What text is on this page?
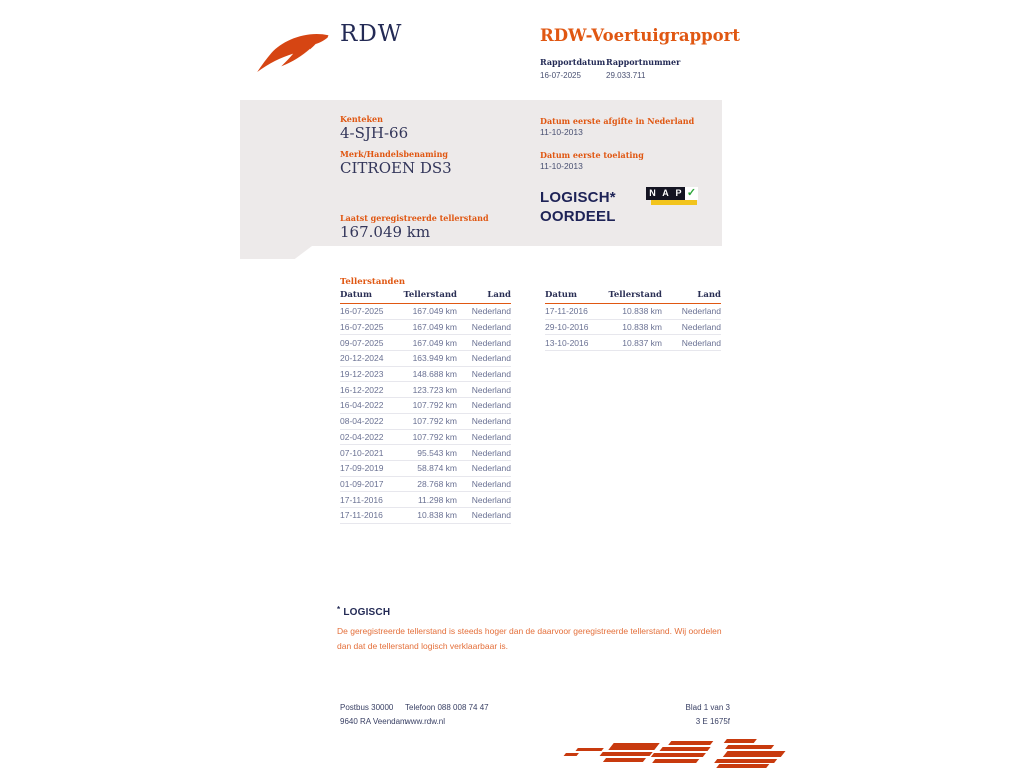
RDW	RDW-Voertuigrapport
Rapportdatum
16-07-2025
Rapportnummer
29.033.711
Kenteken
4-SJH-66
Merk/Handelsbenaming
CITROEN DS3
Laatst geregistreerde tellerstand
167.049 km
Datum eerste afgifte in Nederland
11-10-2013
Datum eerste toelating
11-10-2013
LOGISCH*
OORDEEL
N A P ✓
Tellerstanden
Datum	Tellerstand	Land
16-07-2025	167.049 km	Nederland
16-07-2025	167.049 km	Nederland
09-07-2025	167.049 km	Nederland
20-12-2024	163.949 km	Nederland
19-12-2023	148.688 km	Nederland
16-12-2022	123.723 km	Nederland
16-04-2022	107.792 km	Nederland
08-04-2022	107.792 km	Nederland
02-04-2022	107.792 km	Nederland
07-10-2021	95.543 km	Nederland
17-09-2019	58.874 km	Nederland
01-09-2017	28.768 km	Nederland
17-11-2016	11.298 km	Nederland
17-11-2016	10.838 km	Nederland
Datum	Tellerstand	Land
17-11-2016	10.838 km	Nederland
29-10-2016	10.838 km	Nederland
13-10-2016	10.837 km	Nederland
* LOGISCH
De geregistreerde tellerstand is steeds hoger dan de daarvoor geregistreerde tellerstand. Wij oordelen dan dat de tellerstand logisch verklaarbaar is.
Postbus 30000
9640 RA Veendam
Telefoon 088 008 74 47
www.rdw.nl
Blad 1 van 3
3 E 1675f
